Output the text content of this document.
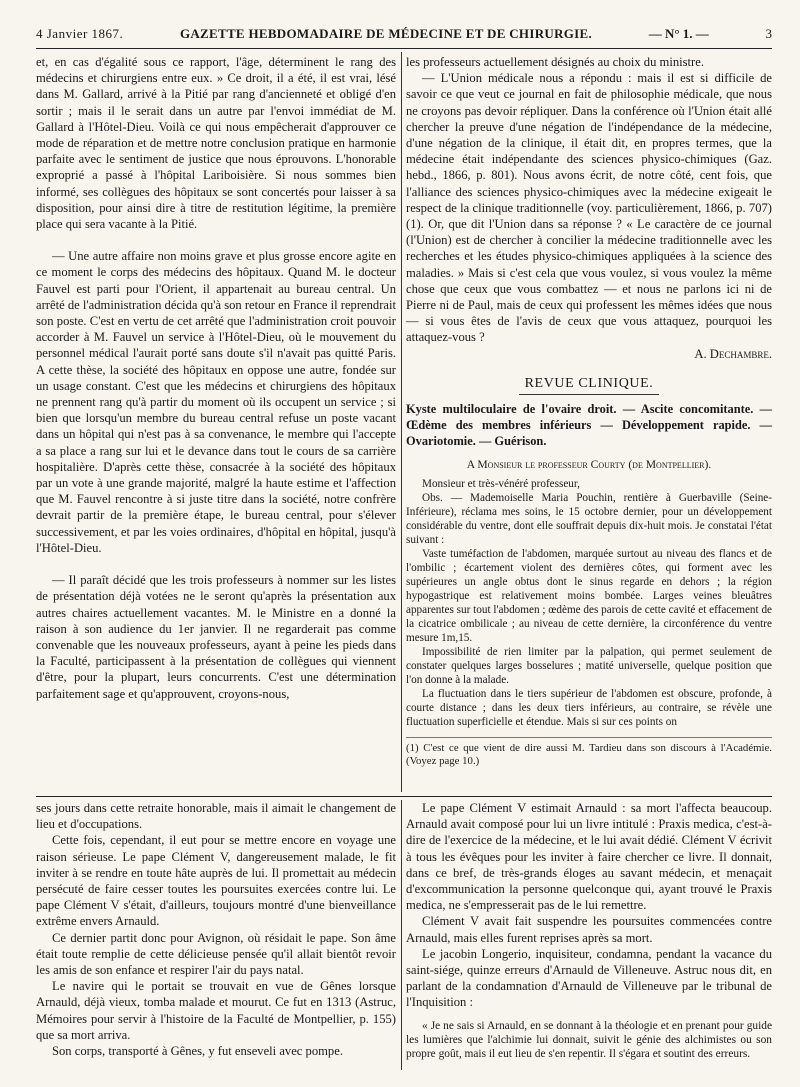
4 Janvier 1867.	GAZETTE HEBDOMADAIRE DE MÉDECINE ET DE CHIRURGIE.	— N° 1. —	3

et, en cas d'égalité sous ce rapport, l'âge, déterminent le rang des médecins et chirurgiens entre eux. » Ce droit, il a été, il est vrai, lésé dans M. Gallard, arrivé à la Pitié par rang d'ancienneté et obligé d'en sortir ; mais il le serait dans un autre par l'envoi immédiat de M. Gallard à l'Hôtel-Dieu. Voilà ce qui nous empêcherait d'approuver ce mode de réparation et de mettre notre conclusion pratique en harmonie parfaite avec le sentiment de justice que nous éprouvons. L'honorable exproprié a passé à l'hôpital Lariboisière. Si nous sommes bien informé, ses collègues des hôpitaux se sont concertés pour laisser à sa disposition, pour ainsi dire à titre de restitution légitime, la première place qui sera vacante à la Pitié.

— Une autre affaire non moins grave et plus grosse encore agite en ce moment le corps des médecins des hôpitaux. Quand M. le docteur Fauvel est parti pour l'Orient, il appartenait au bureau central. Un arrêté de l'administration décida qu'à son retour en France il reprendrait son poste. C'est en vertu de cet arrêté que l'administration croit pouvoir accorder à M. Fauvel un service à l'Hôtel-Dieu, où le mouvement du personnel médical l'aurait porté sans doute s'il n'avait pas quitté Paris. A cette thèse, la société des hôpitaux en oppose une autre, fondée sur un usage constant. C'est que les médecins et chirurgiens des hôpitaux ne prennent rang qu'à partir du moment où ils occupent un service ; si bien que lorsqu'un membre du bureau central refuse un poste vacant dans un hôpital qui n'est pas à sa convenance, le membre qui l'accepte a sa place a rang sur lui et le devance dans tout le cours de sa carrière hospitalière. D'après cette thèse, consacrée à la société des hôpitaux par un vote à une grande majorité, malgré la haute estime et l'affection que M. Fauvel rencontre à si juste titre dans la société, notre confrère devrait partir de la première étape, le bureau central, pour s'élever successivement, et par les voies ordinaires, d'hôpital en hôpital, jusqu'à l'Hôtel-Dieu.

— Il paraît décidé que les trois professeurs à nommer sur les listes de présentation déjà votées ne le seront qu'après la présentation aux autres chaires actuellement vacantes. M. le Ministre en a donné la raison à son audience du 1er janvier. Il ne regarderait pas comme convenable que les nouveaux professeurs, ayant à peine les pieds dans la Faculté, participassent à la présentation de collègues qui viennent d'être, pour la plupart, leurs concurrents. C'est une détermination parfaitement sage et qu'approuvent, croyons-nous,

les professeurs actuellement désignés au choix du ministre.

— L'Union médicale nous a répondu : mais il est si difficile de savoir ce que veut ce journal en fait de philosophie médicale, que nous ne croyons pas devoir répliquer. Dans la conférence où l'Union était allé chercher la preuve d'une négation de l'indépendance de la médecine, d'une négation de la clinique, il était dit, en propres termes, que la médecine était indépendante des sciences physico-chimiques (Gaz. hebd., 1866, p. 801). Nous avons écrit, de notre côté, cent fois, que l'alliance des sciences physico-chimiques avec la médecine exigeait le respect de la clinique traditionnelle (voy. particulièrement, 1866, p. 707)(1). Or, que dit l'Union dans sa réponse ? « Le caractère de ce journal (l'Union) est de chercher à concilier la médecine traditionnelle avec les recherches et les études physico-chimiques appliquées à la science des maladies. » Mais si c'est cela que vous voulez, si vous voulez la même chose que ceux que vous combattez — et nous ne parlons ici ni de Pierre ni de Paul, mais de ceux qui professent les mêmes idées que nous — si vous êtes de l'avis de ceux que vous attaquez, pourquoi les attaquez-vous ?

A. Dechambre.
REVUE CLINIQUE.
Kyste multiloculaire de l'ovaire droit. — Ascite concomitante. — Œdème des membres inférieurs — Développement rapide. — Ovariotomie. — Guérison.
A Monsieur le professeur Courty (de Montpellier).

Monsieur et très-vénéré professeur,

Obs. — Mademoiselle Maria Pouchin, rentière à Guerbaville (Seine-Inférieure), réclama mes soins, le 15 octobre dernier, pour un développement considérable du ventre, dont elle souffrait depuis dix-huit mois. Je constatai l'état suivant :

Vaste tuméfaction de l'abdomen, marquée surtout au niveau des flancs et de l'ombilic ; écartement violent des dernières côtes, qui forment avec les supérieures un angle obtus dont le sinus regarde en dehors ; la région hypogastrique est relativement moins bombée. Larges veines bleuâtres apparentes sur tout l'abdomen ; œdème des parois de cette cavité et effacement de la cicatrice ombilicale ; au niveau de cette dernière, la circonférence du ventre mesure 1m,15.

Impossibilité de rien limiter par la palpation, qui permet seulement de constater quelques larges bosselures ; matité universelle, quelque position que l'on donne à la malade.

La fluctuation dans le tiers supérieur de l'abdomen est obscure, profonde, à courte distance ; dans les deux tiers inférieurs, au contraire, se révèle une fluctuation superficielle et étendue. Mais si sur ces points on

(1) C'est ce que vient de dire aussi M. Tardieu dans son discours à l'Académie. (Voyez page 10.)

ses jours dans cette retraite honorable, mais il aimait le changement de lieu et d'occupations.

Cette fois, cependant, il eut pour se mettre encore en voyage une raison sérieuse. Le pape Clément V, dangereusement malade, le fit inviter à se rendre en toute hâte auprès de lui. Il promettait au médecin persécuté de faire cesser toutes les poursuites exercées contre lui. Le pape Clément V s'était, d'ailleurs, toujours montré d'une bienveillance extrême envers Arnauld.

Ce dernier partit donc pour Avignon, où résidait le pape. Son âme était toute remplie de cette délicieuse pensée qu'il allait bientôt revoir les amis de son enfance et respirer l'air du pays natal.

Le navire qui le portait se trouvait en vue de Gênes lorsque Arnauld, déjà vieux, tomba malade et mourut. Ce fut en 1313 (Astruc, Mémoires pour servir à l'histoire de la Faculté de Montpellier, p. 155) que sa mort arriva.

Son corps, transporté à Gênes, y fut enseveli avec pompe.

Le pape Clément V estimait Arnauld : sa mort l'affecta beaucoup. Arnauld avait composé pour lui un livre intitulé : Praxis medica, c'est-à-dire de l'exercice de la médecine, et le lui avait dédié. Clément V écrivit à tous les évêques pour les inviter à faire chercher ce livre. Il donnait, dans ce bref, de très-grands éloges au savant médecin, et menaçait d'excommunication la personne quelconque qui, ayant trouvé le Praxis medica, ne s'empresserait pas de le lui remettre.

Clément V avait fait suspendre les poursuites commencées contre Arnauld, mais elles furent reprises après sa mort.

Le jacobin Longerio, inquisiteur, condamna, pendant la vacance du saint-siége, quinze erreurs d'Arnauld de Villeneuve. Astruc nous dit, en parlant de la condamnation d'Arnauld de Villeneuve par le tribunal de l'Inquisition :

« Je ne sais si Arnauld, en se donnant à la théologie et en prenant pour guide les lumières que l'alchimie lui donnait, suivit le génie des alchimistes ou son propre goût, mais il eut lieu de s'en repentir. Il s'égara et soutint des erreurs.
